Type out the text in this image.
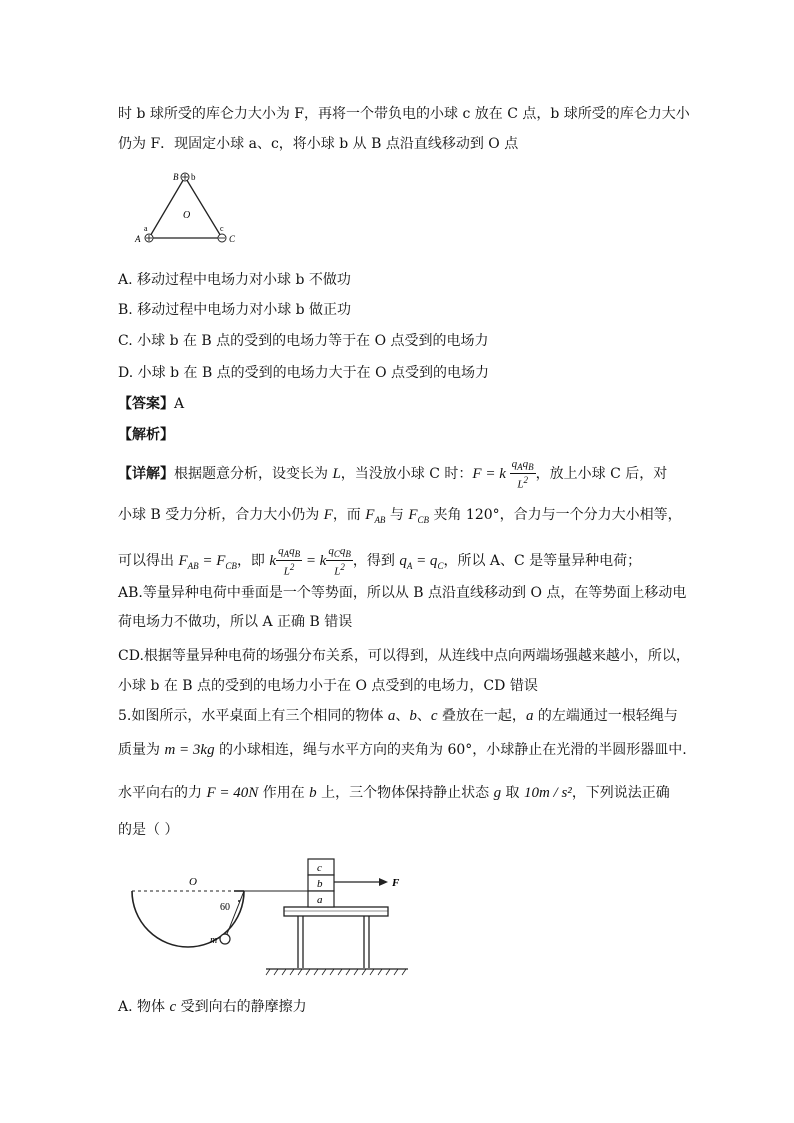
时 b 球所受的库仑力大小为 F，再将一个带负电的小球 c 放在 C 点，b 球所受的库仑力大小
仍为 F．现固定小球 a、c，将小球 b 从 B 点沿直线移动到 O 点
B b
O
a
A
c
C
A. 移动过程中电场力对小球 b 不做功
B. 移动过程中电场力对小球 b 做正功
C. 小球 b 在 B 点的受到的电场力等于在 O 点受到的电场力
D. 小球 b 在 B 点的受到的电场力大于在 O 点受到的电场力
【答案】A
【解析】
【详解】根据题意分析，设变长为 L，当没放小球 C 时：F = k $\frac{q_Aq_B}{L^2}$ ，放上小球 C 后，对
小球 B 受力分析，合力大小仍为 F，而 $F_{AB}$ 与 $F_{CB}$ 夹角 120°，合力与一个分力大小相等，
可以得出 $F_{AB} = F_{CB}$，即 k $\frac{q_Aq_B}{L^2} = k \frac{q_Cq_B}{L^2}$ ，得到 $q_A = q_C$，所以 A、C 是等量异种电荷；
AB.等量异种电荷中垂面是一个等势面，所以从 B 点沿直线移动到 O 点，在等势面上移动电
荷电场力不做功，所以 A 正确 B 错误
CD.根据等量异种电荷的场强分布关系，可以得到，从连线中点向两端场强越来越小，所以，
小球 b 在 B 点的受到的电场力小于在 O 点受到的电场力，CD 错误
5.如图所示，水平桌面上有三个相同的物体 a、b、c 叠放在一起，a 的左端通过一根轻绳与
质量为 m = 3kg 的小球相连，绳与水平方向的夹角为 60°，小球静止在光滑的半圆形器皿中.
水平向右的力 F = 40N 作用在 b 上，三个物体保持静止状态 g 取 10m / s²，下列说法正确
的是（ ）
O
60
m
c
b
a
F
A. 物体 c 受到向右的静摩擦力
